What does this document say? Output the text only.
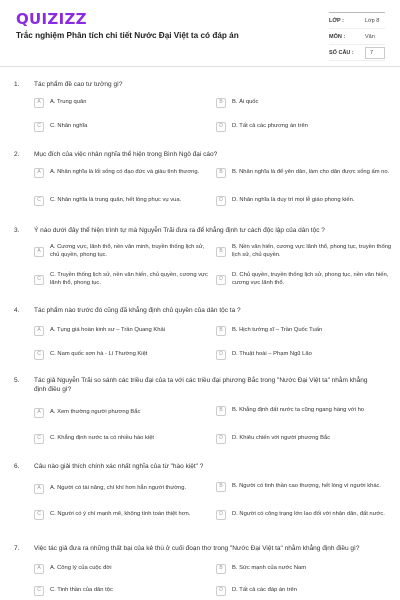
QUIZIZZ
Trắc nghiệm Phân tích chi tiết Nước Đại Việt ta có đáp án
LỚP :	Lớp 8
MÔN :	Văn
SỐ CÂU :	7
1. Tác phẩm đề cao tư tưởng gì?
A	A. Trung quân	B	B. Ái quốc
C	C. Nhân nghĩa	D	D. Tất cả các phương án trên
2. Mục đích của việc nhân nghĩa thể hiện trong Bình Ngô đại cáo?
A	A. Nhân nghĩa là lối sống có đạo đức và giàu tình thương.	B	B. Nhân nghĩa là để yên dân, làm cho dân được sống ấm no.
C	C. Nhân nghĩa là trung quân, hết lòng phục vụ vua.	D	D. Nhân nghĩa là duy trì mọi lễ giáo phong kiến.
3. Ý nào dưới đây thể hiện trình tự mà Nguyễn Trãi đưa ra để khẳng định tư cách độc lập của dân tộc ?
A
A. Cương vực, lãnh thổ, nền văn minh, truyền thống lịch sử, chủ quyền, phong tục.
B
B. Nền văn hiến, cương vực lãnh thổ, phong tục, truyền thống lịch sử, chủ quyền.
C
C. Truyền thống lịch sử, nền văn hiến, chủ quyền, cương vực lãnh thổ, phong tục.
D
D. Chủ quyền, truyền thống lịch sử, phong tục, nền văn hiến, cương vực lãnh thổ.
4. Tác phẩm nào trước đó cũng đã khẳng định chủ quyền của dân tộc ta ?
A	A. Tụng giá hoàn kinh sư – Trần Quang Khải	B	B. Hịch tướng sĩ – Trần Quốc Tuấn
C	C. Nam quốc sơn hà - Lí Thường Kiệt	D	D. Thuật hoài – Phạm Ngũ Lão
5. Tác giả Nguyễn Trãi so sánh các triều đại của ta với các triều đại phương Bắc trong "Nước Đại Việt ta" nhằm khẳng định điều gì?
A	A. Xem thường người phương Bắc	B	B. Khẳng định đất nước ta cũng ngang hàng với ho
C	C. Khẳng định nước ta có nhiều hào kiệt	D	D. Khiêu chiến với người phương Bắc
6. Câu nào giải thích chính xác nhất nghĩa của từ "hào kiệt" ?
A	A. Người có tài năng, chí khí hơn hẳn người thường.	B	B. Người có tinh thần cao thượng, hết lòng vì người khác.
C	C. Người có ý chí mạnh mẽ, không tính toán thiệt hơn.	D	D. Người có công trạng lớn lao đối với nhân dân, đất nước.
7. Việc tác giả đưa ra những thất bại của kẻ thù ở cuối đoạn thơ trong "Nước Đại Việt ta" nhằm khẳng định điều gì?
A	A. Công lý của cuộc đời	B	B. Sức mạnh của nước Nam
C	C. Tinh thần của dân tộc	D	D. Tất cả các đáp án trên
